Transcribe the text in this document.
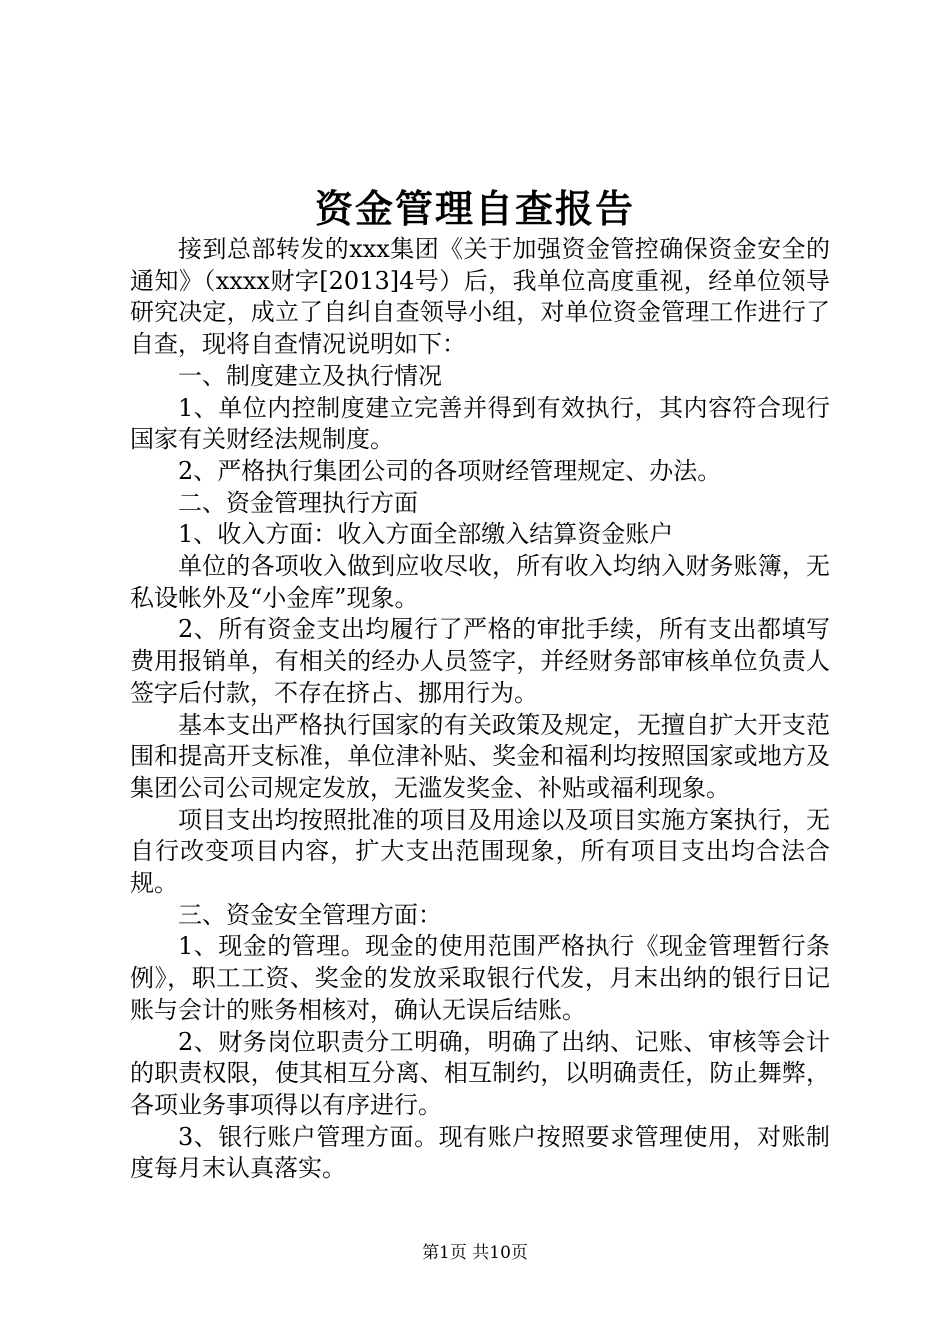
资金管理自查报告

接到总部转发的xxx集团《关于加强资金管控确保资金安全的通知》（xxxx财字[2013]4号）后，我单位高度重视，经单位领导研究决定，成立了自纠自查领导小组，对单位资金管理工作进行了自查，现将自查情况说明如下：

一、制度建立及执行情况

1、单位内控制度建立完善并得到有效执行，其内容符合现行国家有关财经法规制度。

2、严格执行集团公司的各项财经管理规定、办法。

二、资金管理执行方面

1、收入方面：收入方面全部缴入结算资金账户

单位的各项收入做到应收尽收，所有收入均纳入财务账簿，无私设帐外及“小金库”现象。

2、所有资金支出均履行了严格的审批手续，所有支出都填写费用报销单，有相关的经办人员签字，并经财务部审核单位负责人签字后付款，不存在挤占、挪用行为。

基本支出严格执行国家的有关政策及规定，无擅自扩大开支范围和提高开支标准，单位津补贴、奖金和福利均按照国家或地方及集团公司公司规定发放，无滥发奖金、补贴或福利现象。

项目支出均按照批准的项目及用途以及项目实施方案执行，无自行改变项目内容，扩大支出范围现象，所有项目支出均合法合规。

三、资金安全管理方面：

1、现金的管理。现金的使用范围严格执行《现金管理暂行条例》，职工工资、奖金的发放采取银行代发，月末出纳的银行日记账与会计的账务相核对，确认无误后结账。

2、财务岗位职责分工明确，明确了出纳、记账、审核等会计的职责权限，使其相互分离、相互制约，以明确责任，防止舞弊，各项业务事项得以有序进行。

3、银行账户管理方面。现有账户按照要求管理使用，对账制度每月末认真落实。

第1页 共10页
